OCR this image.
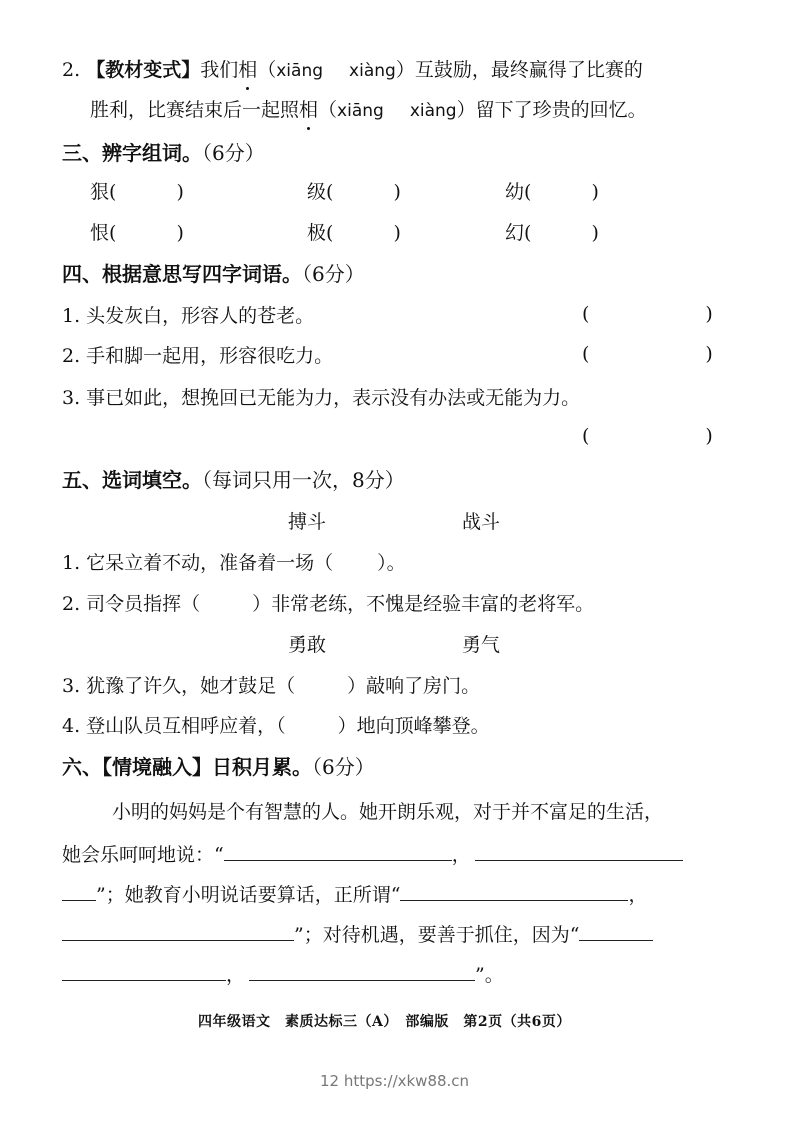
2. 【教材变式】我们相（xiāng xiàng）互鼓励，最终赢得了比赛的
胜利，比赛结束后一起照相（xiāng xiàng）留下了珍贵的回忆。
三、辨字组词。（6分）
狠(	)	级(	)	幼(	)
恨(	)	极(	)	幻(	)
四、根据意思写四字词语。（6分）
1. 头发灰白，形容人的苍老。	(	)
2. 手和脚一起用，形容很吃力。	(	)
3. 事已如此，想挽回已无能为力，表示没有办法或无能为力。
(	)
五、选词填空。（每词只用一次，8分）
搏斗	战斗
1. 它呆立着不动，准备着一场（ ）。
2. 司令员指挥（	）非常老练，不愧是经验丰富的老将军。
勇敢	勇气
3. 犹豫了许久，她才鼓足（	）敲响了房门。
4. 登山队员互相呼应着，（	）地向顶峰攀登。
六、【情境融入】日积月累。（6分）
小明的妈妈是个有智慧的人。她开朗乐观，对于并不富足的生活，
她会乐呵呵地说：“	，
”；她教育小明说话要算话，正所谓“	，
”；对待机遇，要善于抓住，因为“
，	”。
四年级语文　素质达标三（A）　部编版　第2页（共6页）
12 https://xkw88.cn
